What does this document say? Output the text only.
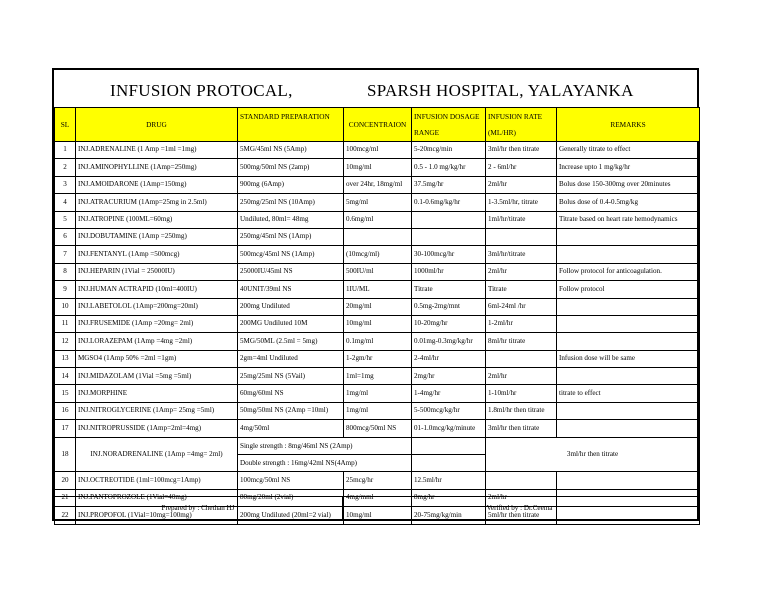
INFUSION PROTOCAL,	SPARSH HOSPITAL, YALAYANKA
SL	DRUG	STANDARD PREPARATION	CONCENTRAION	INFUSION DOSAGE RANGE	INFUSION RATE (ML/HR)	REMARKS
1	INJ.ADRENALINE (1 Amp =1ml =1mg)	5MG/45ml NS (5Amp)	100mcg/ml	5-20mcg/min	3ml/hr then titrate	Generally titrate to effect
2	INJ.AMINOPHYLLINE (1Amp=250mg)	500mg/50ml NS (2amp)	10mg/ml	0.5 - 1.0 mg/kg/hr	2 - 6ml/hr	Increase upto 1 mg/kg/hr
3	INJ.AMOIDARONE (1Amp=150mg)	900mg (6Amp)	over 24hr, 18mg/ml	37.5mg/hr	2ml/hr	Bolus dose 150-300mg over 20minutes
4	INJ.ATRACURIUM (1Amp=25mg in 2.5ml)	250mg/25ml NS (10Amp)	5mg/ml	0.1-0.6mg/kg/hr	1-3.5ml/hr, titrate	Bolus dose of 0.4-0.5mg/kg
5	INJ.ATROPINE (100ML=60mg)	Undiluted, 80ml= 48mg	0.6mg/ml		1ml/hr/titrate	Titrate based on heart rate hemodynamics
6	INJ.DOBUTAMINE (1Amp =250mg)	250mg/45ml NS (1Amp)				
7	INJ.FENTANYL (1Amp =500mcg)	500mcg/45ml NS (1Amp)	(10mcg/ml)	30-100mcg/hr	3ml/hr/titrate	
8	INJ.HEPARIN (1Vial = 25000IU)	25000IU/45ml NS	500IU/ml	1000ml/hr	2ml/hr	Follow protocol for anticoagulation.
9	INJ.HUMAN ACTRAPID (10ml=400IU)	40UNIT/39ml NS	1IU/ML	Titrate	Titrate	Follow protocol
10	INJ.LABETOLOL (1Amp=200mg=20ml)	200mg Undiluted	20mg/ml	0.5mg-2mg/mnt	6ml-24ml /hr	
11	INJ.FRUSEMIDE (1Amp =20mg= 2ml)	200MG Undiluted 10M	10mg/ml	10-20mg/hr	1-2ml/hr	
12	INJ.LORAZEPAM (1Amp =4mg =2ml)	5MG/50ML (2.5ml = 5mg)	0.1mg/ml	0.01mg-0.3mg/kg/hr	8ml/hr titrate	
13	MGSO4 (1Amp 50% =2ml =1gm)	2gm=4ml Undiluted	1-2gm/hr	2-4ml/hr		Infusion dose will be same
14	INJ.MIDAZOLAM (1Vial =5mg =5ml)	25mg/25ml NS (5Vail)	1ml=1mg	2mg/hr	2ml/hr	
15	INJ.MORPHINE	60mg/60ml NS	1mg/ml	1-4mg/hr	1-10ml/hr	titrate to effect
16	INJ.NITROGLYCERINE (1Amp= 25mg =5ml)	50mg/50ml NS (2Amp =10ml)	1mg/ml	5-500mcg/kg/hr	1.8ml/hr then titrate	
17	INJ.NITROPRUSSIDE (1Amp=2ml=4mg)	4mg/50ml	800mcg/50ml NS	01-1.0mcg/kg/minute	3ml/hr then titrate	
18	INJ.NORADRENALINE (1Amp =4mg= 2ml)	Single strength : 8mg/46ml NS (2Amp)
Double strength : 16mg/42ml NS(4Amp)			3ml/hr then titrate	
20	INJ.OCTREOTIDE (1ml=100mcg=1Amp)	100mcg/50ml NS	25mcg/hr	12.5ml/hr		
21	INJ.PANTOPROZOLE (1Vial=40mg)	80mg/20ml (2vial)	4mg/mml	8mg/hr	2ml/hr	
22	INJ.PROPOFOL (1Vial=10mg=100mg)	200mg Undiluted (20ml=2 vial)	10mg/ml	20-75mg/kg/min	5ml/hr then titrate	
Prepared by : Chethan HJ	Verified by : Dr.Ceema
